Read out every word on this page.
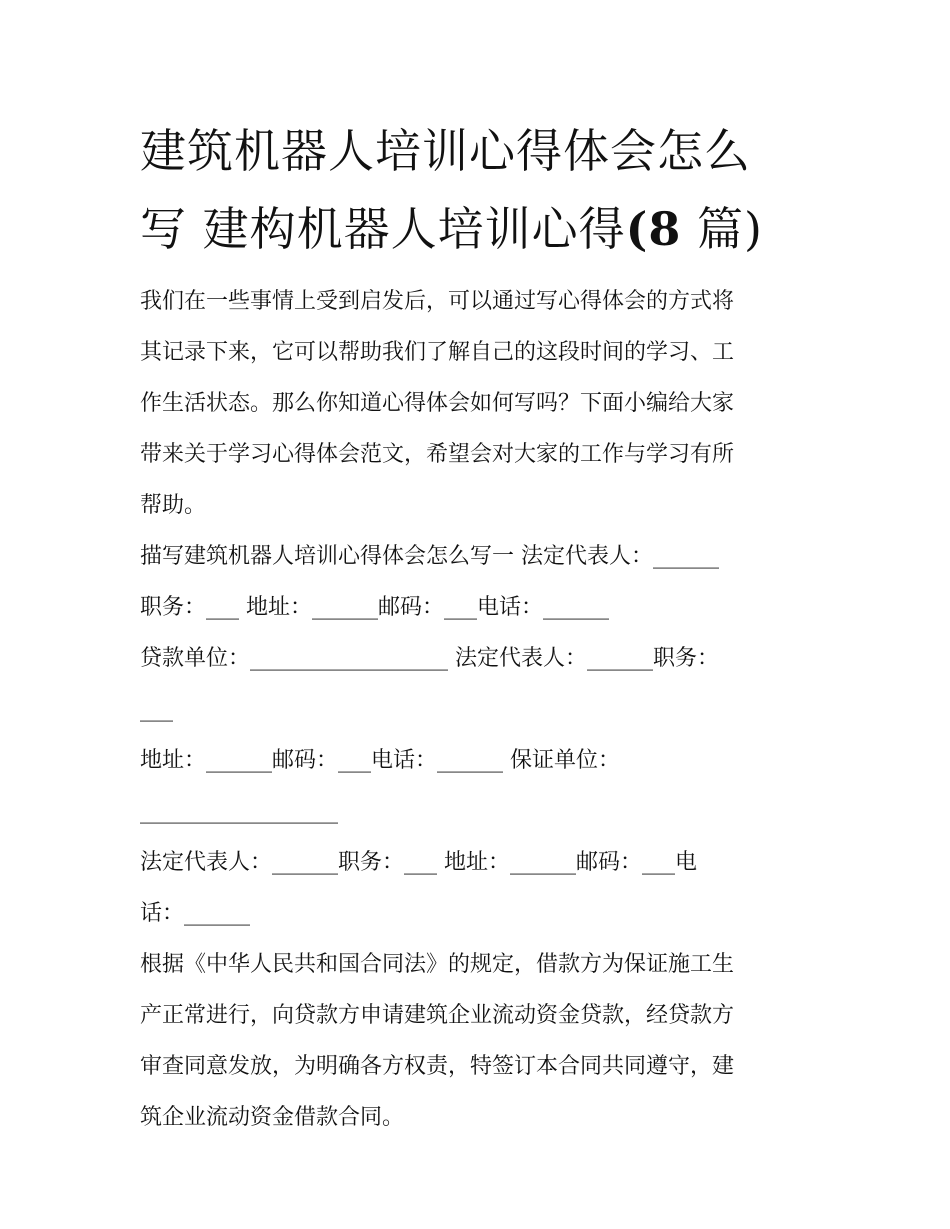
建筑机器人培训心得体会怎么
写 建构机器人培训心得(8 篇)

我们在一些事情上受到启发后，可以通过写心得体会的方式将
其记录下来，它可以帮助我们了解自己的这段时间的学习、工
作生活状态。那么你知道心得体会如何写吗？下面小编给大家
带来关于学习心得体会范文，希望会对大家的工作与学习有所
帮助。

描写建筑机器人培训心得体会怎么写一 法定代表人：______
职务：___ 地址：______邮码：___电话：______
贷款单位：__________________ 法定代表人：______职务：
___
地址：______邮码：___电话：______ 保证单位：
__________________
法定代表人：______职务：___ 地址：______邮码：___电
话：______

根据《中华人民共和国合同法》的规定，借款方为保证施工生
产正常进行，向贷款方申请建筑企业流动资金贷款，经贷款方
审查同意发放，为明确各方权责，特签订本合同共同遵守，建
筑企业流动资金借款合同。
